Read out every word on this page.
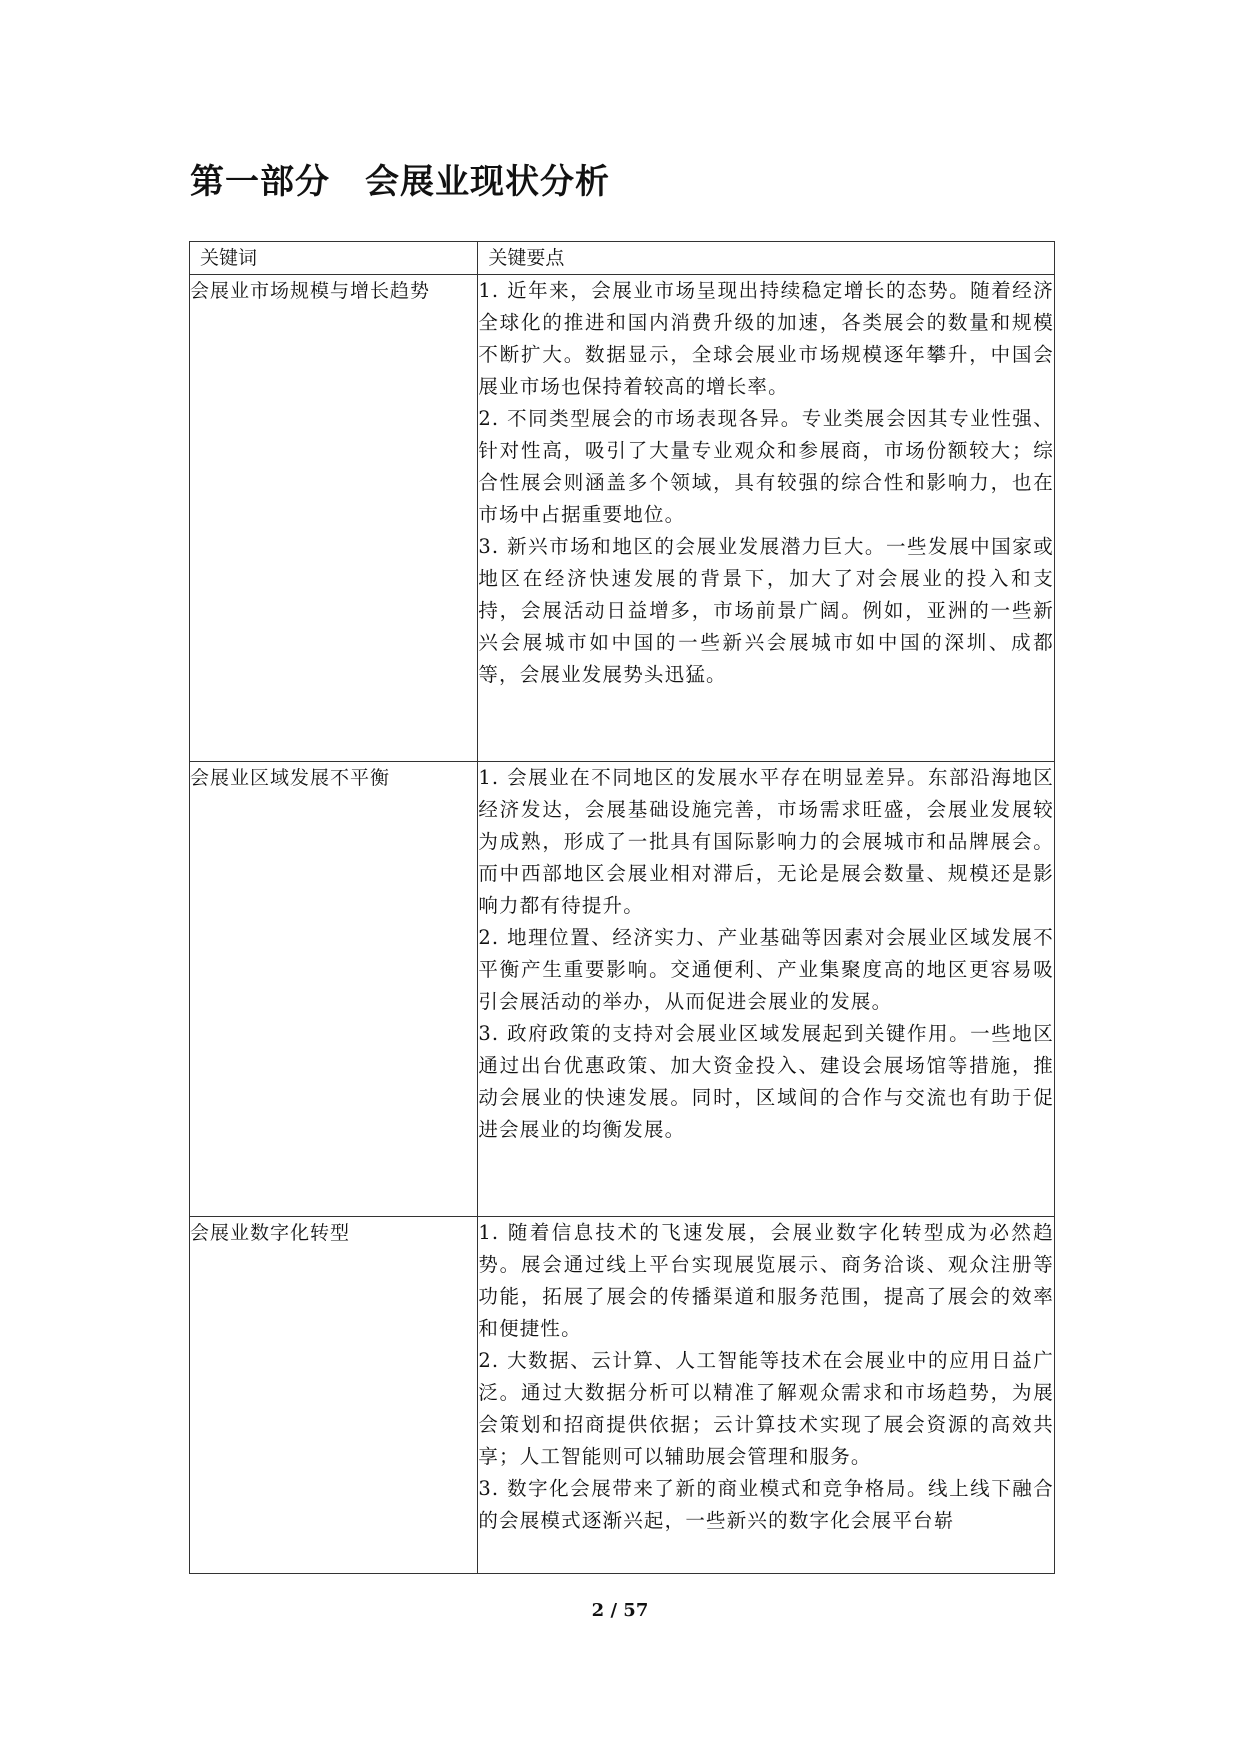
第一部分　会展业现状分析
关键词	关键要点
会展业市场规模与增长趋势	1. 近年来，会展业市场呈现出持续稳定增长的态势。随着经济全球化的推进和国内消费升级的加速，各类展会的数量和规模不断扩大。数据显示，全球会展业市场规模逐年攀升，中国会展业市场也保持着较高的增长率。

2. 不同类型展会的市场表现各异。专业类展会因其专业性强、针对性高，吸引了大量专业观众和参展商，市场份额较大；综合性展会则涵盖多个领域，具有较强的综合性和影响力，也在市场中占据重要地位。

3. 新兴市场和地区的会展业发展潜力巨大。一些发展中国家或地区在经济快速发展的背景下，加大了对会展业的投入和支持，会展活动日益增多，市场前景广阔。例如，亚洲的一些新兴会展城市如中国的一些新兴会展城市如中国的深圳、成都等，会展业发展势头迅猛。

会展业区域发展不平衡	1. 会展业在不同地区的发展水平存在明显差异。东部沿海地区经济发达，会展基础设施完善，市场需求旺盛，会展业发展较为成熟，形成了一批具有国际影响力的会展城市和品牌展会。而中西部地区会展业相对滞后，无论是展会数量、规模还是影响力都有待提升。

2. 地理位置、经济实力、产业基础等因素对会展业区域发展不平衡产生重要影响。交通便利、产业集聚度高的地区更容易吸引会展活动的举办，从而促进会展业的发展。

3. 政府政策的支持对会展业区域发展起到关键作用。一些地区通过出台优惠政策、加大资金投入、建设会展场馆等措施，推动会展业的快速发展。同时，区域间的合作与交流也有助于促进会展业的均衡发展。

会展业数字化转型	1. 随着信息技术的飞速发展，会展业数字化转型成为必然趋势。展会通过线上平台实现展览展示、商务洽谈、观众注册等功能，拓展了展会的传播渠道和服务范围，提高了展会的效率和便捷性。

2. 大数据、云计算、人工智能等技术在会展业中的应用日益广泛。通过大数据分析可以精准了解观众需求和市场趋势，为展会策划和招商提供依据；云计算技术实现了展会资源的高效共享；人工智能则可以辅助展会管理和服务。

3. 数字化会展带来了新的商业模式和竞争格局。线上线下融合的会展模式逐渐兴起，一些新兴的数字化会展平台崭

2 / 57
